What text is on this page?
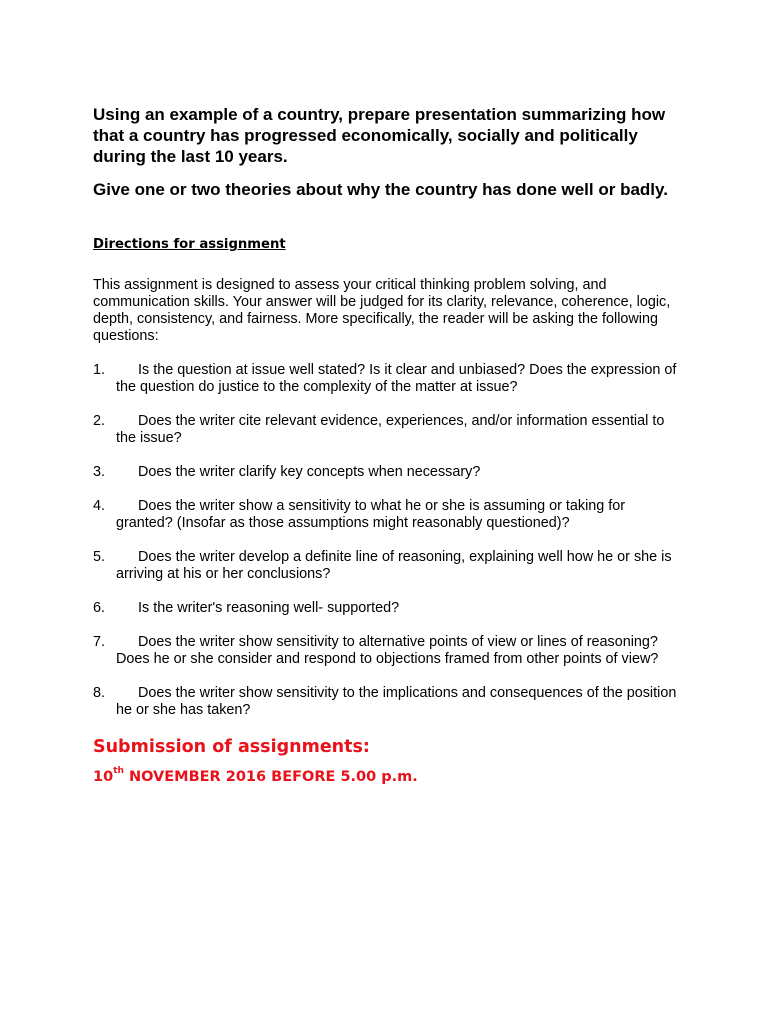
Using an example of a country, prepare presentation summarizing how that a country has progressed economically, socially and politically during the last 10 years.

Give one or two theories about why the country has done well or badly.

Directions for assignment

This assignment is designed to assess your critical thinking problem solving, and communication skills. Your answer will be judged for its clarity, relevance, coherence, logic, depth, consistency, and fairness. More specifically, the reader will be asking the following questions:

1.	Is the question at issue well stated? Is it clear and unbiased? Does the expression of the question do justice to the complexity of the matter at issue?
2.	Does the writer cite relevant evidence, experiences, and/or information essential to the issue?
3.	Does the writer clarify key concepts when necessary?
4.	Does the writer show a sensitivity to what he or she is assuming or taking for granted? (Insofar as those assumptions might reasonably questioned)?
5.	Does the writer develop a definite line of reasoning, explaining well how he or she is arriving at his or her conclusions?
6.	Is the writer's reasoning well- supported?
7.	Does the writer show sensitivity to alternative points of view or lines of reasoning? Does he or she consider and respond to objections framed from other points of view?
8.	Does the writer show sensitivity to the implications and consequences of the position he or she has taken?

Submission of assignments:

10th NOVEMBER 2016 BEFORE 5.00 p.m.
